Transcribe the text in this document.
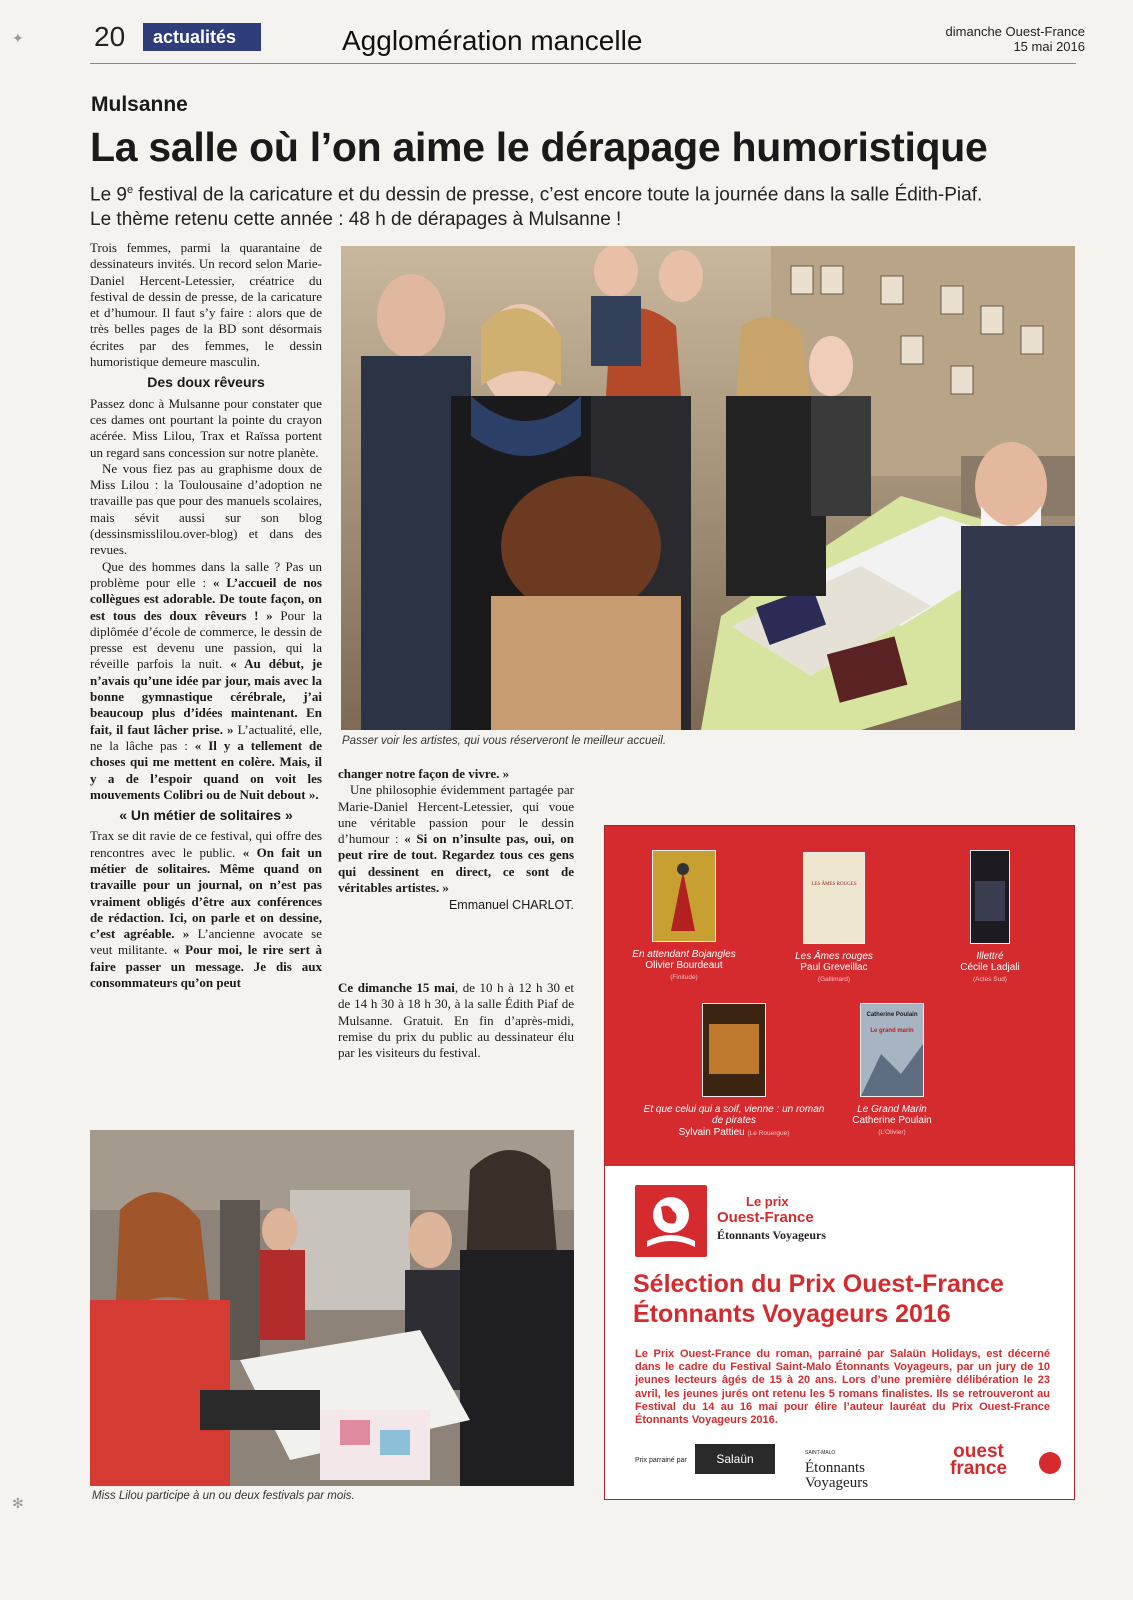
20	actualités	Agglomération mancelle	dimanche Ouest-France
15 mai 2016
Mulsanne
La salle où l’on aime le dérapage humoristique
Le 9e festival de la caricature et du dessin de presse, c’est encore toute la journée dans la salle Édith-Piaf. Le thème retenu cette année : 48 h de dérapages à Mulsanne !

Trois femmes, parmi la quarantaine de dessinateurs invités. Un record selon Marie-Daniel Hercent-Letessier, créatrice du festival de dessin de presse, de la caricature et d’humour. Il faut s’y faire : alors que de très belles pages de la BD sont désormais écrites par des femmes, le dessin humoristique demeure masculin.

Des doux rêveurs

Passez donc à Mulsanne pour constater que ces dames ont pourtant la pointe du crayon acérée. Miss Lilou, Trax et Raïssa portent un regard sans concession sur notre planète.

Ne vous fiez pas au graphisme doux de Miss Lilou : la Toulousaine d’adoption ne travaille pas que pour des manuels scolaires, mais sévit aussi sur son blog (dessinsmisslilou.over-blog) et dans des revues.

Que des hommes dans la salle ? Pas un problème pour elle : « L’accueil de nos collègues est adorable. De toute façon, on est tous des doux rêveurs ! » Pour la diplômée d’école de commerce, le dessin de presse est devenu une passion, qui la réveille parfois la nuit. « Au début, je n’avais qu’une idée par jour, mais avec la bonne gymnastique cérébrale, j’ai beaucoup plus d’idées maintenant. En fait, il faut lâcher prise. » L’actualité, elle, ne la lâche pas : « Il y a tellement de choses qui me mettent en colère. Mais, il y a de l’espoir quand on voit les mouvements Colibri ou de Nuit debout ».

« Un métier de solitaires »

Trax se dit ravie de ce festival, qui offre des rencontres avec le public. « On fait un métier de solitaires. Même quand on travaille pour un journal, on n’est pas vraiment obligés d’être aux conférences de rédaction. Ici, on parle et on dessine, c’est agréable. » L’ancienne avocate se veut militante. « Pour moi, le rire sert à faire passer un message. Je dis aux consommateurs qu’on peut

changer notre façon de vivre. »

Une philosophie évidemment partagée par Marie-Daniel Hercent-Letessier, qui voue une véritable passion pour le dessin d’humour : « Si on n’insulte pas, oui, on peut rire de tout. Regardez tous ces gens qui dessinent en direct, ce sont de véritables artistes. »

Emmanuel CHARLOT.

Ce dimanche 15 mai, de 10 h à 12 h 30 et de 14 h 30 à 18 h 30, à la salle Édith Piaf de Mulsanne. Gratuit. En fin d’après-midi, remise du prix du public au dessinateur élu par les visiteurs du festival.

Passer voir les artistes, qui vous réserveront le meilleur accueil.
Miss Lilou participe à un ou deux festivals par mois.
En attendant Bojangles
Olivier Bourdeaut
(Finitude)
LES ÂMES ROUGES
Les Âmes rouges
Paul Greveillac
(Gallimard)
Illettré
Cécile Ladjali
(Actes Sud)
Et que celui qui a soif, vienne : un roman de pirates
Sylvain Pattieu (Le Rouergue)
Catherine Poulain
Le grand marin
Le Grand Marin
Catherine Poulain
(L’Olivier)
Le prix
Ouest-France
Étonnants Voyageurs
Sélection du Prix Ouest-France
Étonnants Voyageurs 2016
Le Prix Ouest-France du roman, parrainé par Salaün Holidays, est décerné dans le cadre du Festival Saint-Malo Étonnants Voyageurs, par un jury de 10 jeunes lecteurs âgés de 15 à 20 ans. Lors d’une première délibération le 23 avril, les jeunes jurés ont retenu les 5 romans finalistes. Ils se retrouveront au Festival du 14 au 16 mai pour élire l’auteur lauréat du Prix Ouest-France Étonnants Voyageurs 2016.
Prix parrainé par	Salaün	SAINT-MALO
Étonnants Voyageurs
ouest
france
✦
✻
